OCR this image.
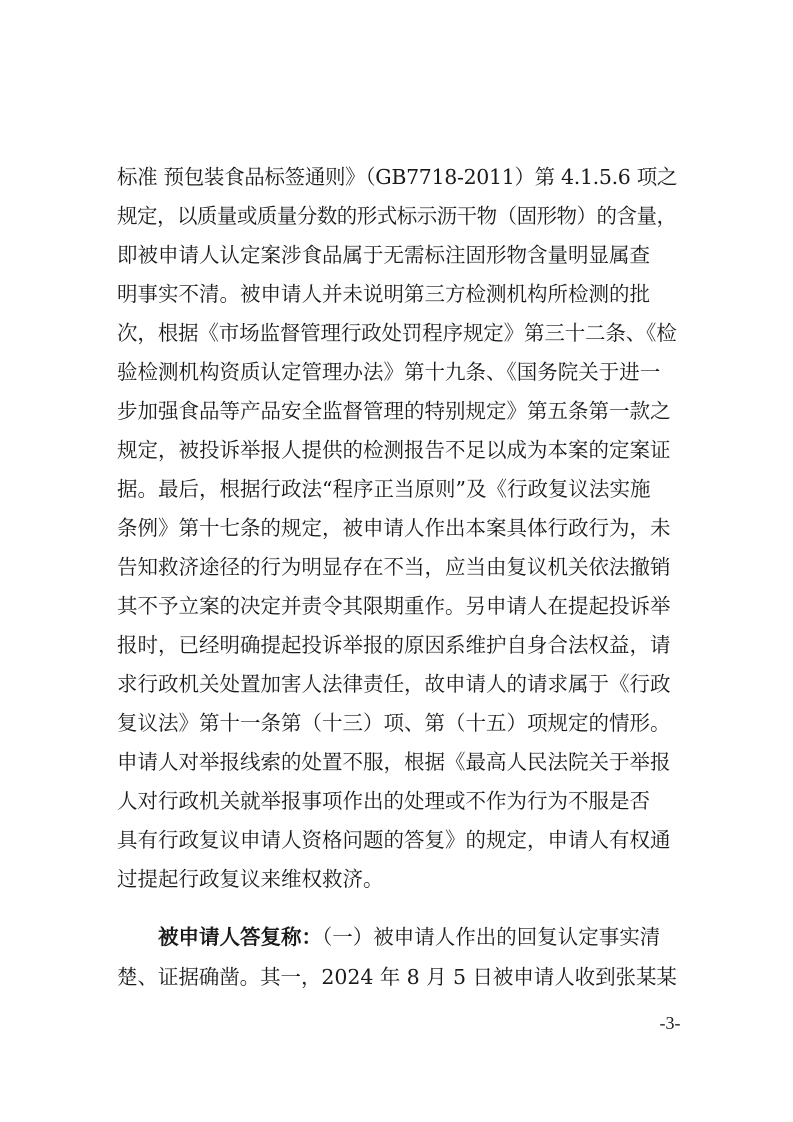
标准 预包装食品标签通则》（GB7718-2011）第 4.1.5.6 项之
规定，以质量或质量分数的形式标示沥干物（固形物）的含量，
即被申请人认定案涉食品属于无需标注固形物含量明显属查
明事实不清。被申请人并未说明第三方检测机构所检测的批
次，根据《市场监督管理行政处罚程序规定》第三十二条、《检
验检测机构资质认定管理办法》第十九条、《国务院关于进一
步加强食品等产品安全监督管理的特别规定》第五条第一款之
规定，被投诉举报人提供的检测报告不足以成为本案的定案证
据。最后，根据行政法“程序正当原则”及《行政复议法实施
条例》第十七条的规定，被申请人作出本案具体行政行为，未
告知救济途径的行为明显存在不当，应当由复议机关依法撤销
其不予立案的决定并责令其限期重作。另申请人在提起投诉举
报时，已经明确提起投诉举报的原因系维护自身合法权益，请
求行政机关处置加害人法律责任，故申请人的请求属于《行政
复议法》第十一条第（十三）项、第（十五）项规定的情形。
申请人对举报线索的处置不服，根据《最高人民法院关于举报
人对行政机关就举报事项作出的处理或不作为行为不服是否
具有行政复议申请人资格问题的答复》的规定，申请人有权通
过提起行政复议来维权救济。
被申请人答复称：（一）被申请人作出的回复认定事实清
楚、证据确凿。其一，2024 年 8 月 5 日被申请人收到张某某
-3-
